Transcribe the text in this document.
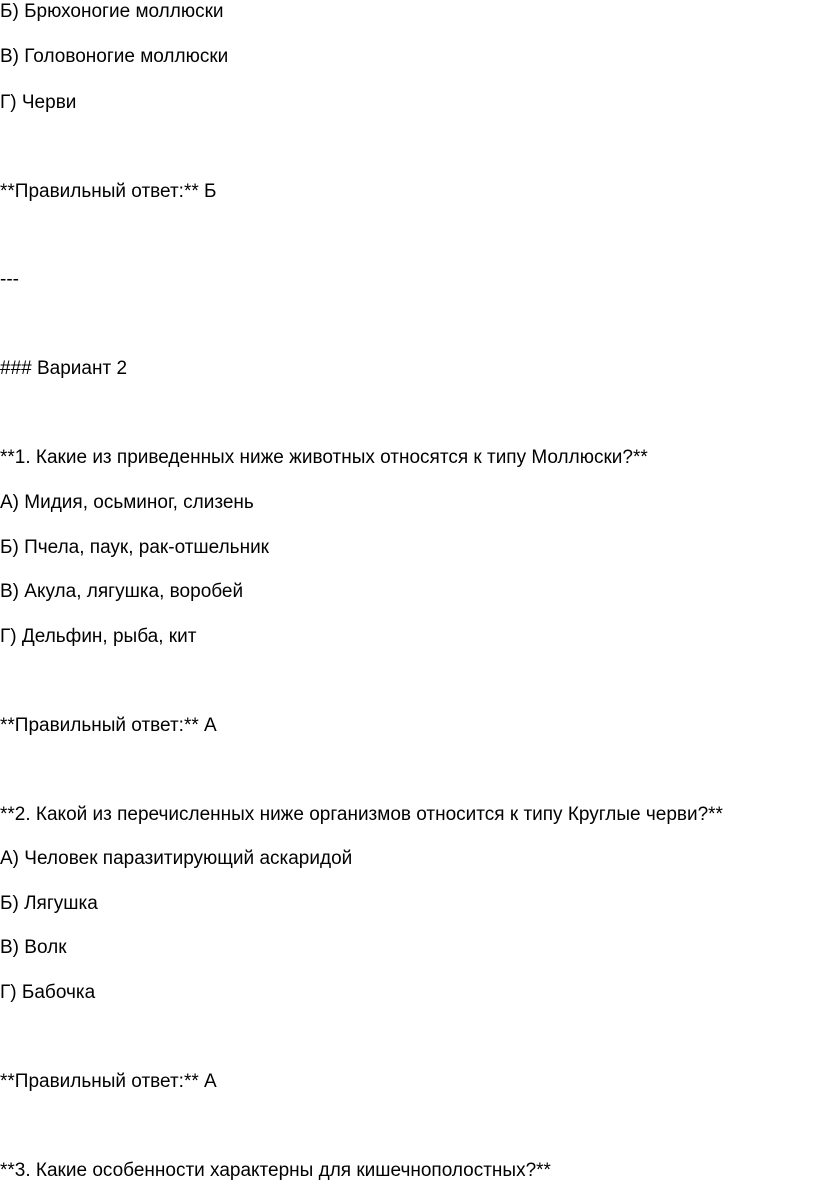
Б) Брюхоногие моллюски
В) Головоногие моллюски
Г) Черви
**Правильный ответ:** Б
---
### Вариант 2
**1. Какие из приведенных ниже животных относятся к типу Моллюски?**
А) Мидия, осьминог, слизень
Б) Пчела, паук, рак-отшельник
В) Акула, лягушка, воробей
Г) Дельфин, рыба, кит
**Правильный ответ:** А
**2. Какой из перечисленных ниже организмов относится к типу Круглые черви?**
А) Человек паразитирующий аскаридой
Б) Лягушка
В) Волк
Г) Бабочка
**Правильный ответ:** А
**3. Какие особенности характерны для кишечнополостных?**
